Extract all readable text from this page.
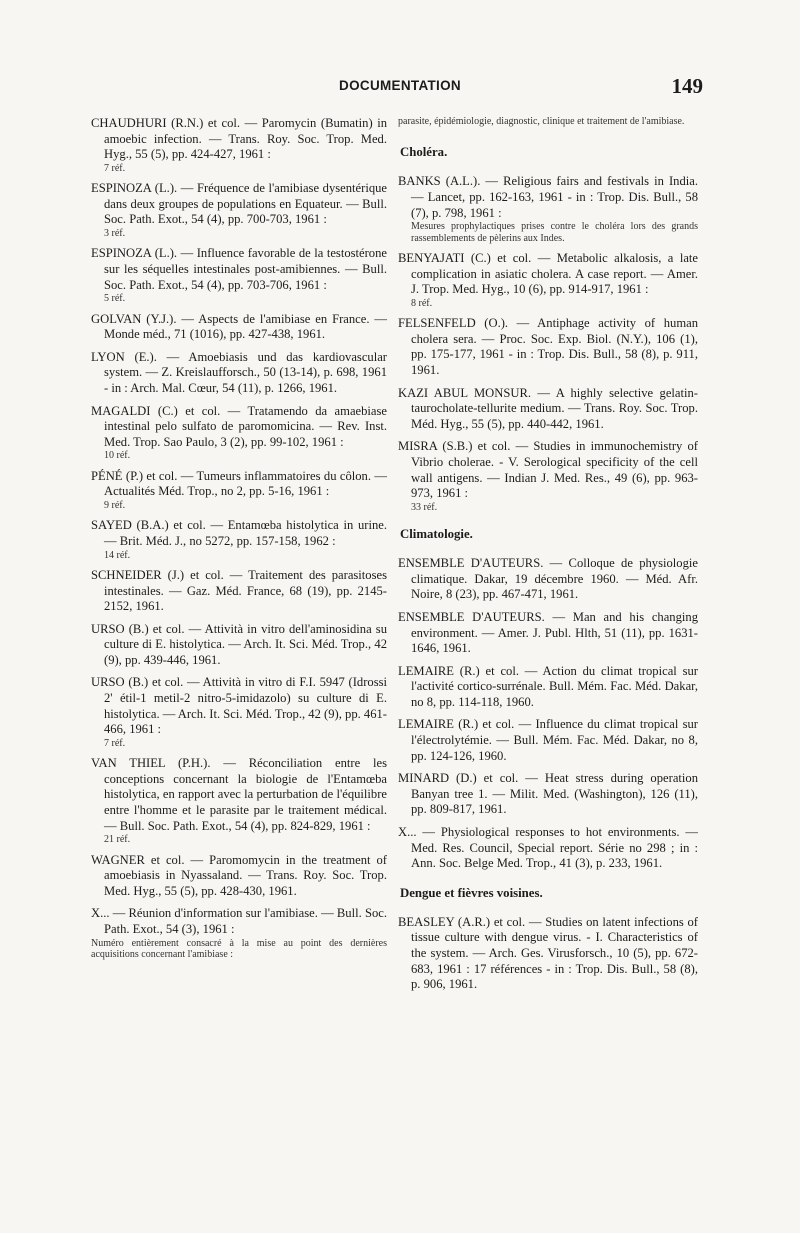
DOCUMENTATION	149
CHAUDHURI (R.N.) et col. — Paromycin (Bumatin) in amoebic infection. — Trans. Roy. Soc. Trop. Med. Hyg., 55 (5), pp. 424-427, 1961 :
7 réf.
ESPINOZA (L.). — Fréquence de l'amibiase dysentérique dans deux groupes de populations en Equateur. — Bull. Soc. Path. Exot., 54 (4), pp. 700-703, 1961 :
3 réf.
ESPINOZA (L.). — Influence favorable de la testostérone sur les séquelles intestinales post-amibiennes. — Bull. Soc. Path. Exot., 54 (4), pp. 703-706, 1961 :
5 réf.
GOLVAN (Y.J.). — Aspects de l'amibiase en France. — Monde méd., 71 (1016), pp. 427-438, 1961.
LYON (E.). — Amoebiasis und das kardiovascular system. — Z. Kreislaufforsch., 50 (13-14), p. 698, 1961 - in : Arch. Mal. Cœur, 54 (11), p. 1266, 1961.
MAGALDI (C.) et col. — Tratamendo da amaebiase intestinal pelo sulfato de paromomicina. — Rev. Inst. Med. Trop. Sao Paulo, 3 (2), pp. 99-102, 1961 :
10 réf.
PÉNÉ (P.) et col. — Tumeurs inflammatoires du côlon. — Actualités Méd. Trop., no 2, pp. 5-16, 1961 :
9 réf.
SAYED (B.A.) et col. — Entamœba histolytica in urine. — Brit. Méd. J., no 5272, pp. 157-158, 1962 :
14 réf.
SCHNEIDER (J.) et col. — Traitement des parasitoses intestinales. — Gaz. Méd. France, 68 (19), pp. 2145-2152, 1961.
URSO (B.) et col. — Attività in vitro dell'aminosidina su culture di E. histolytica. — Arch. It. Sci. Méd. Trop., 42 (9), pp. 439-446, 1961.
URSO (B.) et col. — Attività in vitro di F.I. 5947 (Idrossi 2' étil-1 metil-2 nitro-5-imidazolo) su culture di E. histolytica. — Arch. It. Sci. Méd. Trop., 42 (9), pp. 461-466, 1961 :
7 réf.
VAN THIEL (P.H.). — Réconciliation entre les conceptions concernant la biologie de l'Entamœba histolytica, en rapport avec la perturbation de l'équilibre entre l'homme et le parasite par le traitement médical. — Bull. Soc. Path. Exot., 54 (4), pp. 824-829, 1961 :
21 réf.
WAGNER et col. — Paromomycin in the treatment of amoebiasis in Nyassaland. — Trans. Roy. Soc. Trop. Med. Hyg., 55 (5), pp. 428-430, 1961.
X... — Réunion d'information sur l'amibiase. — Bull. Soc. Path. Exot., 54 (3), 1961 :
Numéro entièrement consacré à la mise au point des dernières acquisitions concernant l'amibiase :
parasite, épidémiologie, diagnostic, clinique et traitement de l'amibiase.
Choléra.
BANKS (A.L.). — Religious fairs and festivals in India. — Lancet, pp. 162-163, 1961 - in : Trop. Dis. Bull., 58 (7), p. 798, 1961 :
Mesures prophylactiques prises contre le choléra lors des grands rassemblements de pèlerins aux Indes.
BENYAJATI (C.) et col. — Metabolic alkalosis, a late complication in asiatic cholera. A case report. — Amer. J. Trop. Med. Hyg., 10 (6), pp. 914-917, 1961 :
8 réf.
FELSENFELD (O.). — Antiphage activity of human cholera sera. — Proc. Soc. Exp. Biol. (N.Y.), 106 (1), pp. 175-177, 1961 - in : Trop. Dis. Bull., 58 (8), p. 911, 1961.
KAZI ABUL MONSUR. — A highly selective gelatin-taurocholate-tellurite medium. — Trans. Roy. Soc. Trop. Méd. Hyg., 55 (5), pp. 440-442, 1961.
MISRA (S.B.) et col. — Studies in immunochemistry of Vibrio cholerae. - V. Serological specificity of the cell wall antigens. — Indian J. Med. Res., 49 (6), pp. 963-973, 1961 :
33 réf.
Climatologie.
ENSEMBLE D'AUTEURS. — Colloque de physiologie climatique. Dakar, 19 décembre 1960. — Méd. Afr. Noire, 8 (23), pp. 467-471, 1961.
ENSEMBLE D'AUTEURS. — Man and his changing environment. — Amer. J. Publ. Hlth, 51 (11), pp. 1631-1646, 1961.
LEMAIRE (R.) et col. — Action du climat tropical sur l'activité cortico-surrénale. Bull. Mém. Fac. Méd. Dakar, no 8, pp. 114-118, 1960.
LEMAIRE (R.) et col. — Influence du climat tropical sur l'électrolytémie. — Bull. Mém. Fac. Méd. Dakar, no 8, pp. 124-126, 1960.
MINARD (D.) et col. — Heat stress during operation Banyan tree 1. — Milit. Med. (Washington), 126 (11), pp. 809-817, 1961.
X... — Physiological responses to hot environments. — Med. Res. Council, Special report. Série no 298 ; in : Ann. Soc. Belge Med. Trop., 41 (3), p. 233, 1961.
Dengue et fièvres voisines.
BEASLEY (A.R.) et col. — Studies on latent infections of tissue culture with dengue virus. - I. Characteristics of the system. — Arch. Ges. Virusforsch., 10 (5), pp. 672-683, 1961 : 17 références - in : Trop. Dis. Bull., 58 (8), p. 906, 1961.
